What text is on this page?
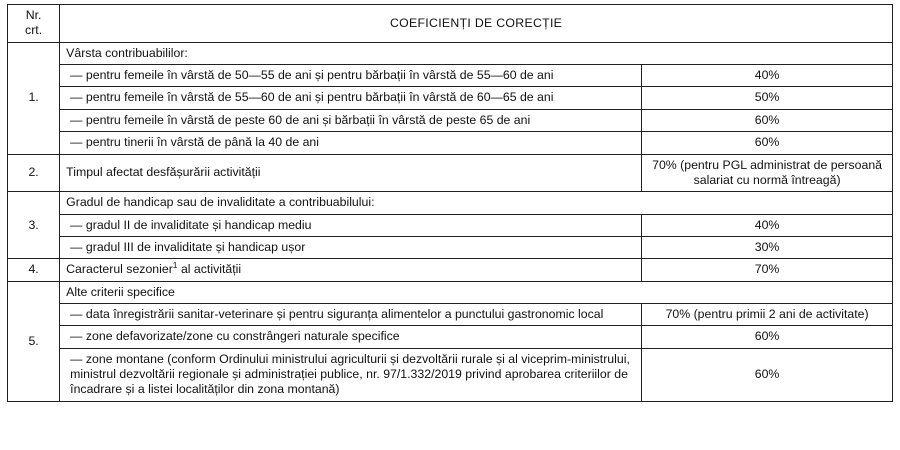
Nr.
crt.	COEFICIENȚI DE CORECȚIE	
1.	Vârsta contribuabililor:	
	— pentru femeile în vârstă de 50—55 de ani și pentru bărbații în vârstă de 55—60 de ani	40%
	— pentru femeile în vârstă de 55—60 de ani și pentru bărbații în vârstă de 60—65 de ani	50%
	— pentru femeile în vârstă de peste 60 de ani și bărbații în vârstă de peste 65 de ani	60%
	— pentru tinerii în vârstă de până la 40 de ani	60%
2.	Timpul afectat desfășurării activității	70% (pentru PGL administrat de persoană salariat cu normă întreagă)
3.	Gradul de handicap sau de invaliditate a contribuabilului:	
	— gradul II de invaliditate și handicap mediu	40%
	— gradul III de invaliditate și handicap ușor	30%
4.	Caracterul sezonier$^1$ al activității	70%
5.	Alte criterii specifice	
	— data înregistrării sanitar-veterinare și pentru siguranța alimentelor a punctului gastronomic local	70% (pentru primii 2 ani de activitate)
	— zone defavorizate/zone cu constrângeri naturale specifice	60%
	— zone montane (conform Ordinului ministrului agriculturii și dezvoltării rurale și al viceprim-ministrului, ministrul dezvoltării regionale și administrației publice, nr. 97/1.332/2019 privind aprobarea criteriilor de încadrare și a listei localităților din zona montană)	60%
